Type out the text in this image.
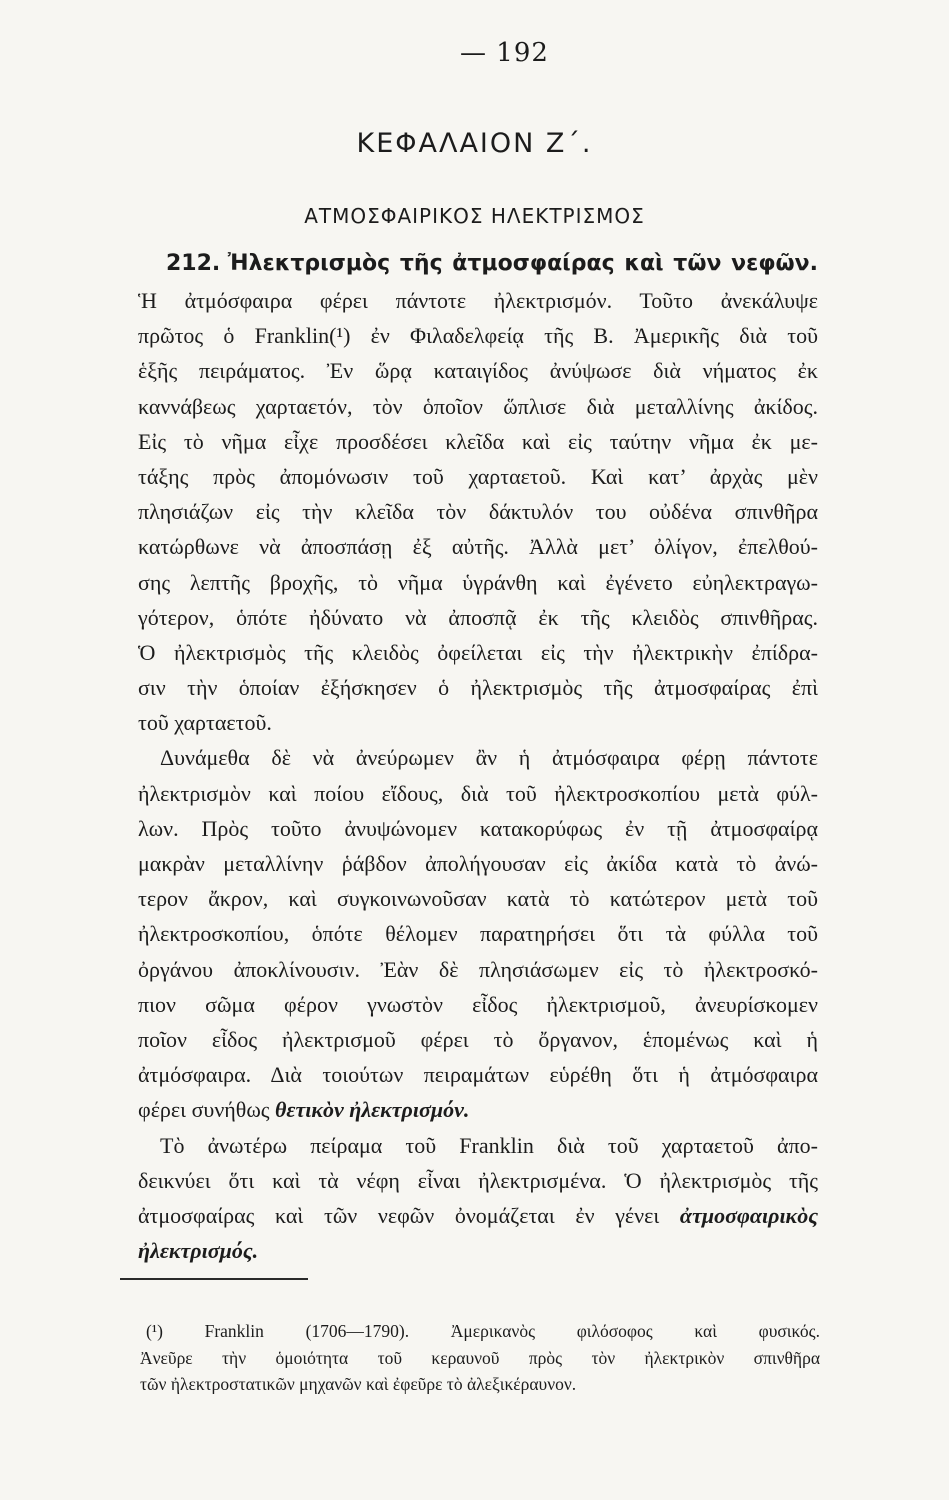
— 192
ΚΕΦΑΛΑΙΟΝ Ζ΄.
ΑΤΜΟΣΦΑΙΡΙΚΟΣ ΗΛΕΚΤΡΙΣΜΟΣ
212. Ἠλεκτρισμὸς τῆς ἀτμοσφαίρας καὶ τῶν νεφῶν.
Ἡ ἀτμόσφαιρα φέρει πάντοτε ἠλεκτρισμόν. Τοῦτο ἀνεκάλυψε
πρῶτος ὁ Franklin(¹) ἐν Φιλαδελφείᾳ τῆς Β. Ἀμερικῆς διὰ τοῦ
ἑξῆς πειράματος. Ἐν ὥρᾳ καταιγίδος ἀνύψωσε διὰ νήματος ἐκ
καννάβεως χαρταετόν, τὸν ὁποῖον ὥπλισε διὰ μεταλλίνης ἀκίδος.
Εἰς τὸ νῆμα εἶχε προσδέσει κλεῖδα καὶ εἰς ταύτην νῆμα ἐκ με-
τάξης πρὸς ἀπομόνωσιν τοῦ χαρταετοῦ. Καὶ κατ’ ἀρχὰς μὲν
πλησιάζων εἰς τὴν κλεῖδα τὸν δάκτυλόν του οὐδένα σπινθῆρα
κατώρθωνε νὰ ἀποσπάσῃ ἐξ αὐτῆς. Ἀλλὰ μετ’ ὀλίγον, ἐπελθού-
σης λεπτῆς βροχῆς, τὸ νῆμα ὑγράνθη καὶ ἐγένετο εὐηλεκτραγω-
γότερον, ὁπότε ἠδύνατο νὰ ἀποσπᾷ ἐκ τῆς κλειδὸς σπινθῆρας.
Ὁ ἠλεκτρισμὸς τῆς κλειδὸς ὀφείλεται εἰς τὴν ἠλεκτρικὴν ἐπίδρα-
σιν τὴν ὁποίαν ἐξήσκησεν ὁ ἠλεκτρισμὸς τῆς ἀτμοσφαίρας ἐπὶ
τοῦ χαρταετοῦ.
Δυνάμεθα δὲ νὰ ἀνεύρωμεν ἂν ἡ ἀτμόσφαιρα φέρῃ πάντοτε
ἠλεκτρισμὸν καὶ ποίου εἴδους, διὰ τοῦ ἠλεκτροσκοπίου μετὰ φύλ-
λων. Πρὸς τοῦτο ἀνυψώνομεν κατακορύφως ἐν τῇ ἀτμοσφαίρᾳ
μακρὰν μεταλλίνην ῥάβδον ἀπολήγουσαν εἰς ἀκίδα κατὰ τὸ ἀνώ-
τερον ἄκρον, καὶ συγκοινωνοῦσαν κατὰ τὸ κατώτερον μετὰ τοῦ
ἠλεκτροσκοπίου, ὁπότε θέλομεν παρατηρήσει ὅτι τὰ φύλλα τοῦ
ὀργάνου ἀποκλίνουσιν. Ἐὰν δὲ πλησιάσωμεν εἰς τὸ ἠλεκτροσκό-
πιον σῶμα φέρον γνωστὸν εἶδος ἠλεκτρισμοῦ, ἀνευρίσκομεν
ποῖον εἶδος ἠλεκτρισμοῦ φέρει τὸ ὄργανον, ἑπομένως καὶ ἡ
ἀτμόσφαιρα. Διὰ τοιούτων πειραμάτων εὑρέθη ὅτι ἡ ἀτμόσφαιρα
φέρει συνήθως θετικὸν ἠλεκτρισμόν.
Τὸ ἀνωτέρω πείραμα τοῦ Franklin διὰ τοῦ χαρταετοῦ ἀπο-
δεικνύει ὅτι καὶ τὰ νέφη εἶναι ἠλεκτρισμένα. Ὁ ἠλεκτρισμὸς τῆς
ἀτμοσφαίρας καὶ τῶν νεφῶν ὀνομάζεται ἐν γένει ἀτμοσφαιρικὸς
ἠλεκτρισμός.
(¹) Franklin (1706—1790). Ἀμερικανὸς φιλόσοφος καὶ φυσικός.
Ἀνεῦρε τὴν ὁμοιότητα τοῦ κεραυνοῦ πρὸς τὸν ἠλεκτρικὸν σπινθῆρα
τῶν ἠλεκτροστατικῶν μηχανῶν καὶ ἐφεῦρε τὸ ἀλεξικέραυνον.
